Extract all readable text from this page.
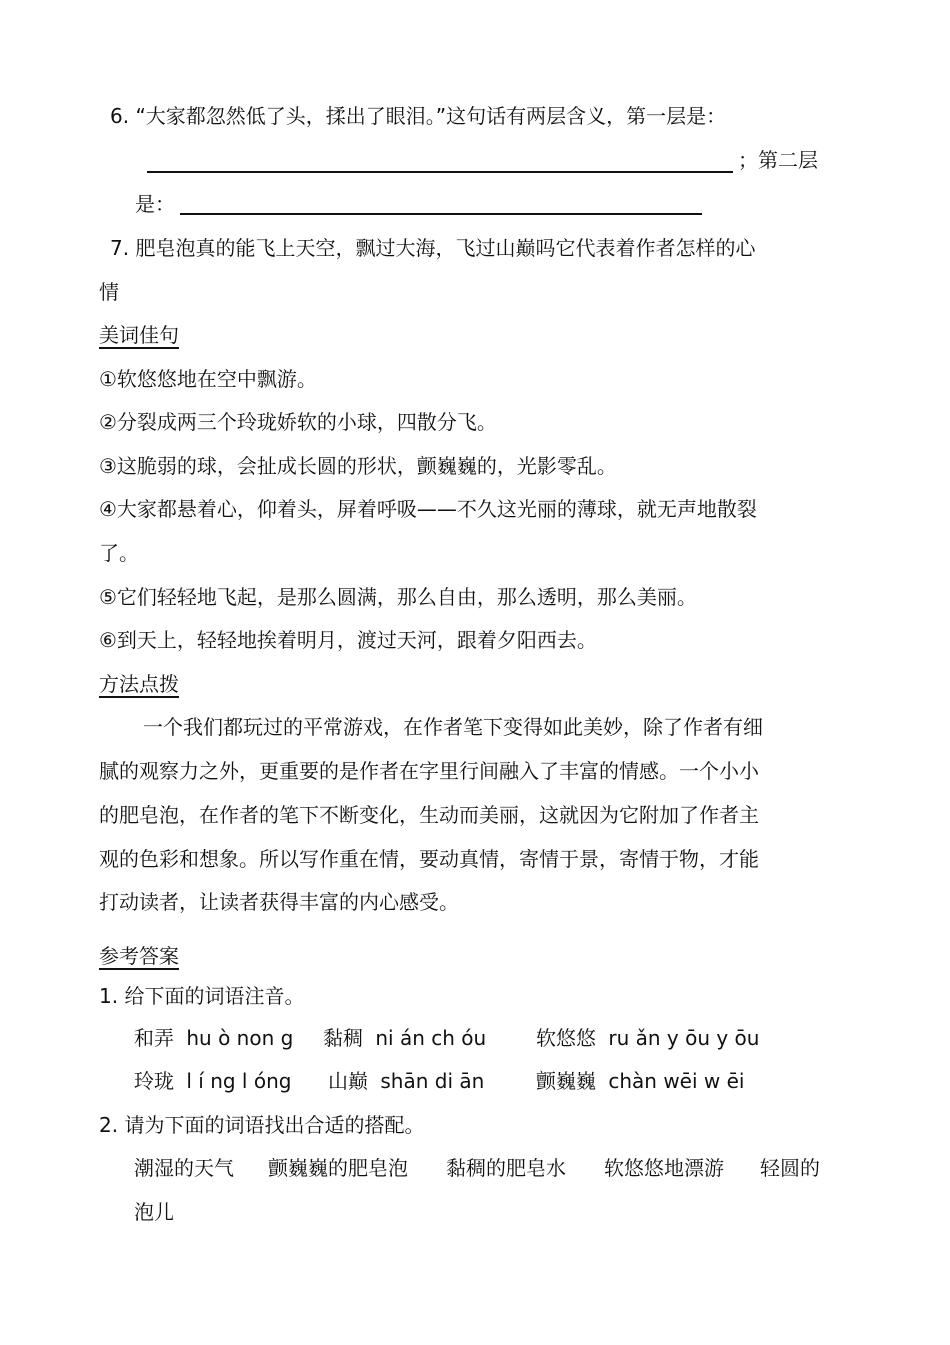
6. “大家都忽然低了头，揉出了眼泪。”这句话有两层含义，第一层是：
；第二层
是：
7. 肥皂泡真的能飞上天空，飘过大海，飞过山巅吗它代表着作者怎样的心
情
美词佳句
①软悠悠地在空中飘游。
②分裂成两三个玲珑娇软的小球，四散分飞。
③这脆弱的球，会扯成长圆的形状，颤巍巍的，光影零乱。
④大家都悬着心，仰着头，屏着呼吸——不久这光丽的薄球，就无声地散裂
了。
⑤它们轻轻地飞起，是那么圆满，那么自由，那么透明，那么美丽。
⑥到天上，轻轻地挨着明月，渡过天河，跟着夕阳西去。
方法点拨
一个我们都玩过的平常游戏，在作者笔下变得如此美妙，除了作者有细
腻的观察力之外，更重要的是作者在字里行间融入了丰富的情感。一个小小
的肥皂泡，在作者的笔下不断变化，生动而美丽，这就因为它附加了作者主
观的色彩和想象。所以写作重在情，要动真情，寄情于景，寄情于物，才能
打动读者，让读者获得丰富的内心感受。
参考答案
1. 给下面的词语注音。
和弄 hu ò non g 黏稠 ni án ch óu 软悠悠 ru ǎn y ōu y ōu
玲珑 l í ng l óng 山巅 shān di ān	颤巍巍 chàn wēi w ēi
2. 请为下面的词语找出合适的搭配。
潮湿的天气 颤巍巍的肥皂泡 黏稠的肥皂水 软悠悠地漂游 轻圆的
泡儿
